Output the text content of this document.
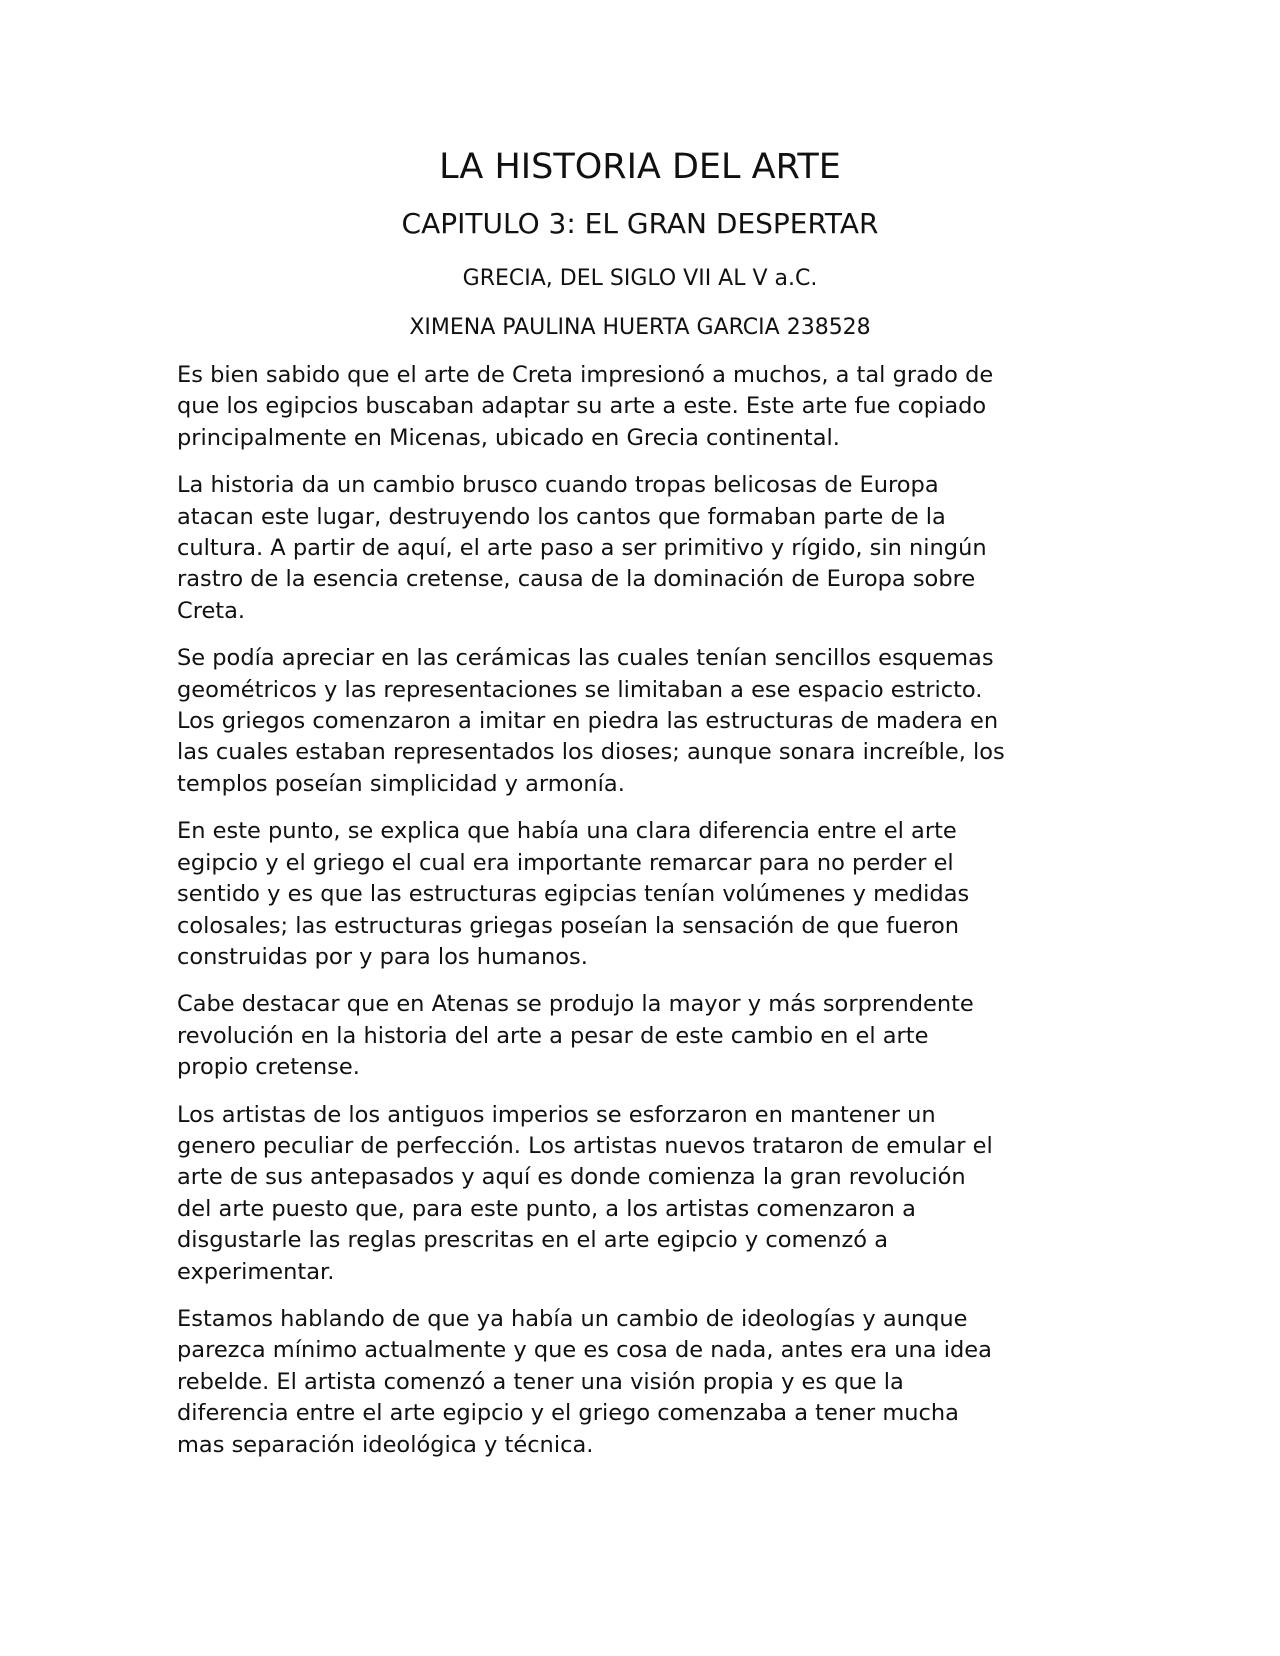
LA HISTORIA DEL ARTE
CAPITULO 3: EL GRAN DESPERTAR
GRECIA, DEL SIGLO VII AL V a.C.
XIMENA PAULINA HUERTA GARCIA 238528

Es bien sabido que el arte de Creta impresionó a muchos, a tal grado de
que los egipcios buscaban adaptar su arte a este. Este arte fue copiado
principalmente en Micenas, ubicado en Grecia continental.

La historia da un cambio brusco cuando tropas belicosas de Europa
atacan este lugar, destruyendo los cantos que formaban parte de la
cultura. A partir de aquí, el arte paso a ser primitivo y rígido, sin ningún
rastro de la esencia cretense, causa de la dominación de Europa sobre
Creta.

Se podía apreciar en las cerámicas las cuales tenían sencillos esquemas
geométricos y las representaciones se limitaban a ese espacio estricto.
Los griegos comenzaron a imitar en piedra las estructuras de madera en
las cuales estaban representados los dioses; aunque sonara increíble, los
templos poseían simplicidad y armonía.

En este punto, se explica que había una clara diferencia entre el arte
egipcio y el griego el cual era importante remarcar para no perder el
sentido y es que las estructuras egipcias tenían volúmenes y medidas
colosales; las estructuras griegas poseían la sensación de que fueron
construidas por y para los humanos.

Cabe destacar que en Atenas se produjo la mayor y más sorprendente
revolución en la historia del arte a pesar de este cambio en el arte
propio cretense.

Los artistas de los antiguos imperios se esforzaron en mantener un
genero peculiar de perfección. Los artistas nuevos trataron de emular el
arte de sus antepasados y aquí es donde comienza la gran revolución
del arte puesto que, para este punto, a los artistas comenzaron a
disgustarle las reglas prescritas en el arte egipcio y comenzó a
experimentar.

Estamos hablando de que ya había un cambio de ideologías y aunque
parezca mínimo actualmente y que es cosa de nada, antes era una idea
rebelde. El artista comenzó a tener una visión propia y es que la
diferencia entre el arte egipcio y el griego comenzaba a tener mucha
mas separación ideológica y técnica.
